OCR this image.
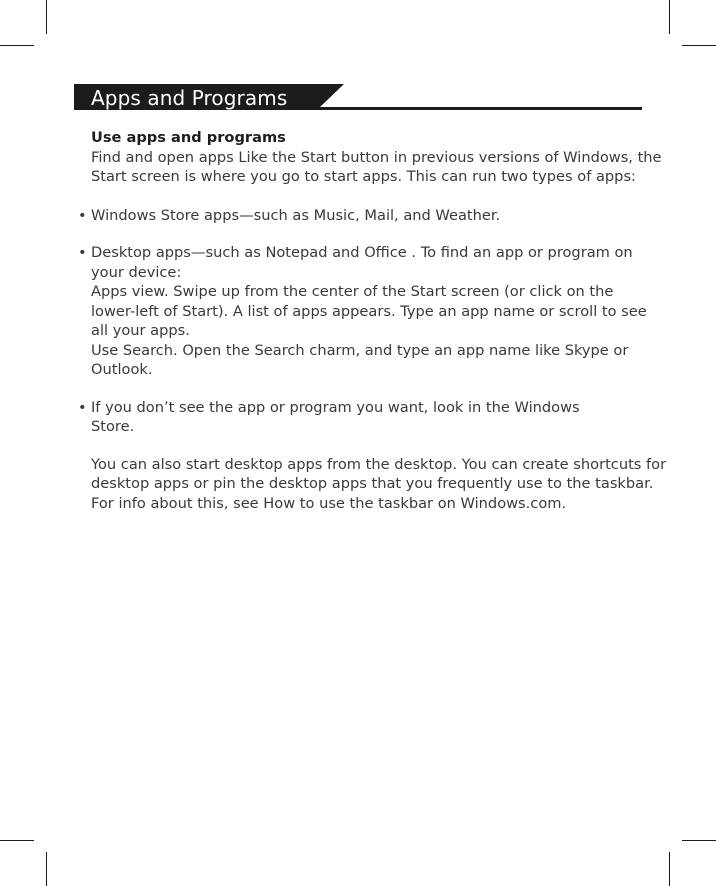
Apps and Programs
Use apps and programs
Find and open apps Like the Start button in previous versions of Windows, the
Start screen is where you go to start apps. This can run two types of apps:
• Windows Store apps—such as Music, Mail, and Weather.
• Desktop apps—such as Notepad and Office . To find an app or program on
your device:
Apps view. Swipe up from the center of the Start screen (or click on the
lower-left of Start). A list of apps appears. Type an app name or scroll to see
all your apps.
Use Search. Open the Search charm, and type an app name like Skype or
Outlook.
• If you don’t see the app or program you want, look in the Windows
Store.
You can also start desktop apps from the desktop. You can create shortcuts for
desktop apps or pin the desktop apps that you frequently use to the taskbar.
For info about this, see How to use the taskbar on Windows.com.
